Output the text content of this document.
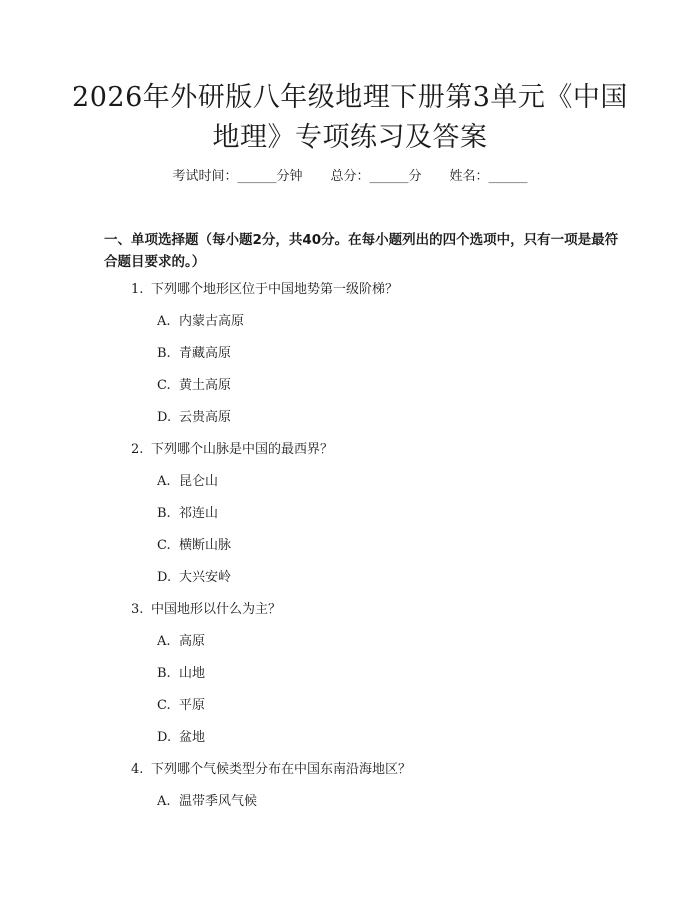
2026年外研版八年级地理下册第3单元《中国地理》专项练习及答案
考试时间：______分钟 总分：______分 姓名：______
一、单项选择题（每小题2分，共40分。在每小题列出的四个选项中，只有一项是最符合题目要求的。）
1. 下列哪个地形区位于中国地势第一级阶梯？
A. 内蒙古高原
B. 青藏高原
C. 黄土高原
D. 云贵高原
2. 下列哪个山脉是中国的最西界？
A. 昆仑山
B. 祁连山
C. 横断山脉
D. 大兴安岭
3. 中国地形以什么为主？
A. 高原
B. 山地
C. 平原
D. 盆地
4. 下列哪个气候类型分布在中国东南沿海地区？
A. 温带季风气候
